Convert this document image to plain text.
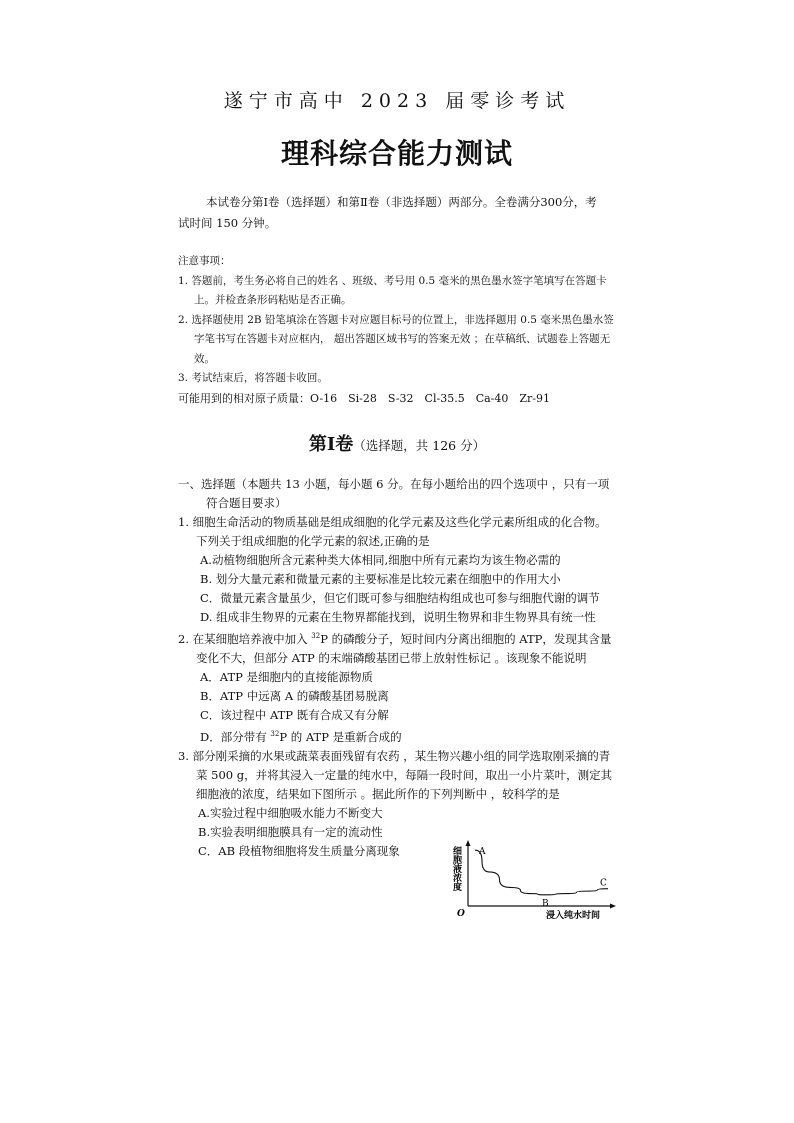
遂宁市高中 2023 届零诊考试
理科综合能力测试
本试卷分第Ⅰ卷（选择题）和第Ⅱ卷（非选择题）两部分。全卷满分300分，考试时间 150 分钟。
注意事项：
1. 答题前，考生务必将自己的姓名 、班级、考号用 0.5 毫米的黑色墨水签字笔填写在答题卡上。并检查条形码粘贴是否正确。
2. 选择题使用 2B 铅笔填涂在答题卡对应题目标号的位置上，非选择题用 0.5 毫米黑色墨水签字笔书写在答题卡对应框内， 超出答题区域书写的答案无效 ；在草稿纸、试题卷上答题无效。
3. 考试结束后，将答题卡收回。
可能用到的相对原子质量：O-16　Si-28　S-32　Cl-35.5　Ca-40　Zr-91
第Ⅰ卷（选择题，共 126 分）
一、选择题（本题共 13 小题，每小题 6 分。在每小题给出的四个选项中 ，只有一项符合题目要求）
1. 细胞生命活动的物质基础是组成细胞的化学元素及这些化学元素所组成的化合物。下列关于组成细胞的化学元素的叙述,正确的是
A.动植物细胞所含元素种类大体相同,细胞中所有元素均为该生物必需的
B. 划分大量元素和微量元素的主要标准是比较元素在细胞中的作用大小
C．微量元素含量虽少，但它们既可参与细胞结构组成也可参与细胞代谢的调节
D. 组成非生物界的元素在生物界都能找到，说明生物界和非生物界具有统一性
2. 在某细胞培养液中加入 $^{32}$P 的磷酸分子，短时间内分离出细胞的 ATP，发现其含量变化不大，但部分 ATP 的末端磷酸基团已带上放射性标记 。该现象不能说明
A．ATP 是细胞内的直接能源物质
B．ATP 中远离 A 的磷酸基团易脱离
C．该过程中 ATP 既有合成又有分解
D．部分带有 $^{32}$P 的 ATP 是重新合成的
3. 部分刚采摘的水果或蔬菜表面残留有农药 ，某生物兴趣小组的同学选取刚采摘的青菜 500 g，并将其浸入一定量的纯水中，每隔一段时间，取出一小片菜叶，测定其细胞液的浓度，结果如下图所示 。据此所作的下列判断中 ，较科学的是
A.实验过程中细胞吸水能力不断变大
B.实验表明细胞膜具有一定的流动性
C．AB 段植物细胞将发生质量分离现象	细胞液浓度
浸入纯水时间
O
A
B
C
